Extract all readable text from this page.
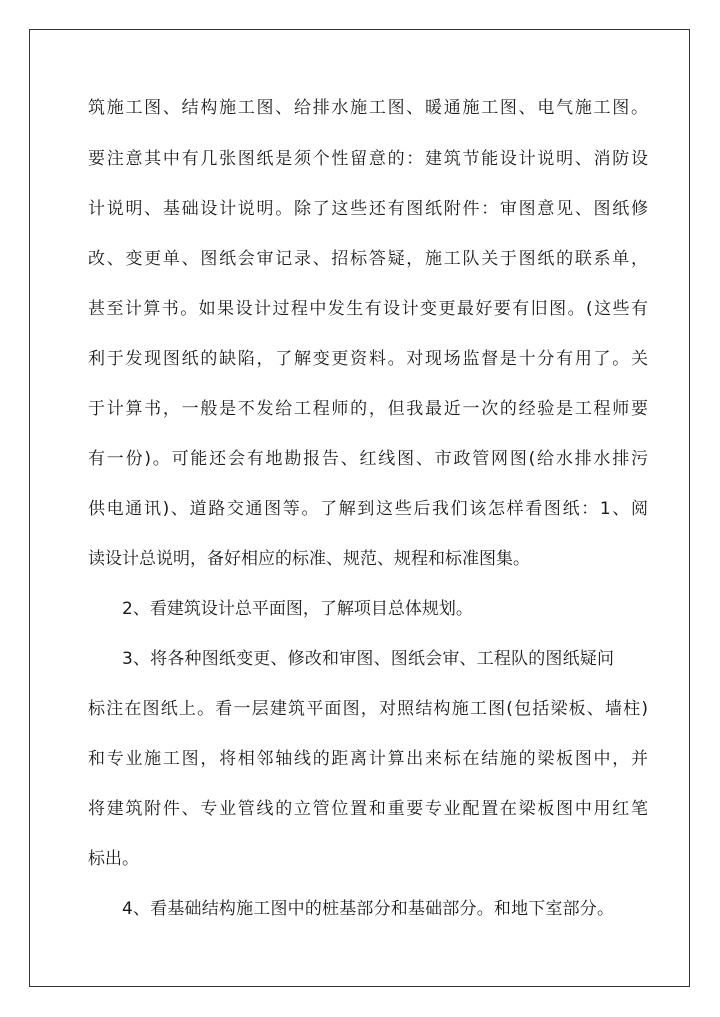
筑施工图、结构施工图、给排水施工图、暖通施工图、电气施工图。
要注意其中有几张图纸是须个性留意的：建筑节能设计说明、消防设
计说明、基础设计说明。除了这些还有图纸附件：审图意见、图纸修
改、变更单、图纸会审记录、招标答疑，施工队关于图纸的联系单，
甚至计算书。如果设计过程中发生有设计变更最好要有旧图。(这些有
利于发现图纸的缺陷，了解变更资料。对现场监督是十分有用了。关
于计算书，一般是不发给工程师的，但我最近一次的经验是工程师要
有一份)。可能还会有地勘报告、红线图、市政管网图(给水排水排污
供电通讯)、道路交通图等。了解到这些后我们该怎样看图纸：1、阅
读设计总说明，备好相应的标准、规范、规程和标准图集。
2、看建筑设计总平面图，了解项目总体规划。
3、将各种图纸变更、修改和审图、图纸会审、工程队的图纸疑问
标注在图纸上。看一层建筑平面图，对照结构施工图(包括梁板、墙柱)
和专业施工图，将相邻轴线的距离计算出来标在结施的梁板图中，并
将建筑附件、专业管线的立管位置和重要专业配置在梁板图中用红笔
标出。
4、看基础结构施工图中的桩基部分和基础部分。和地下室部分。
